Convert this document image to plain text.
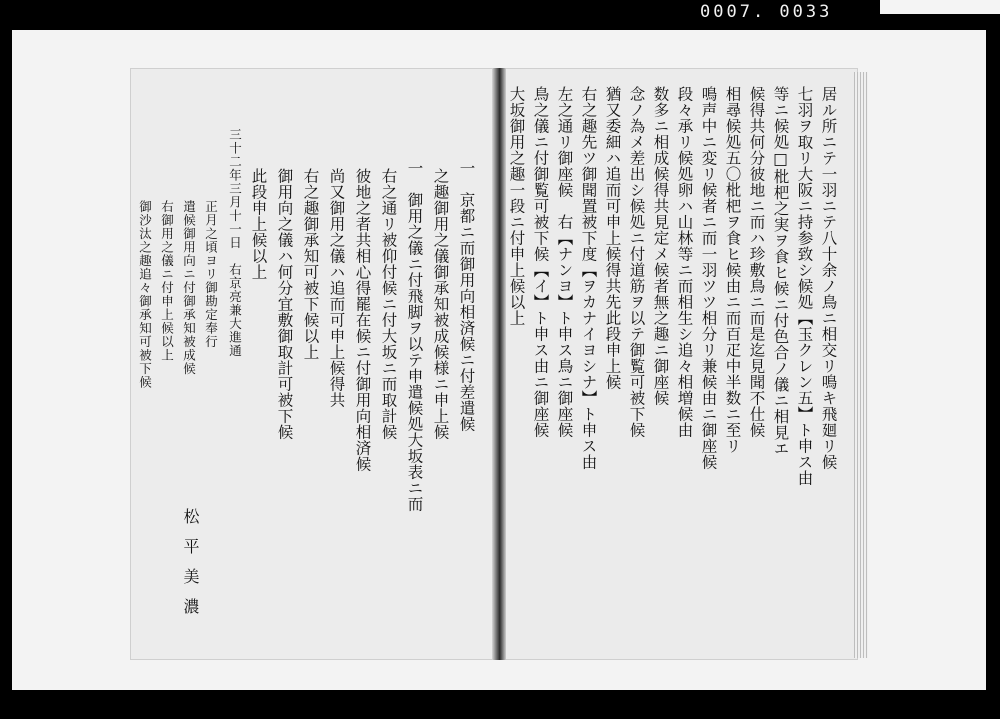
0007. 0033
一　京都ニ而御用向相済候ニ付差遣候
之趣御用之儀御承知被成候様ニ申上候
一　御用之儀ニ付飛脚ヲ以テ申遣候処大坂表ニ而
右之通リ被仰付候ニ付大坂ニ而取計候
彼地之者共相心得罷在候ニ付御用向相済候
尚又御用之儀ハ追而可申上候得共
右之趣御承知可被下候以上
御用向之儀ハ何分宜敷御取計可被下候
此段申上候以上
三十二年三月十一日　右京亮兼大進通
正月之頃ヨリ御勘定奉行
遣候御用向ニ付御承知被成候
右御用之儀ニ付申上候以上
御沙汰之趣追々御承知可被下候
松平美濃
居ル所ニテ一羽ニテ八十余ノ鳥ニ相交リ鳴キ飛廻リ候
七羽ヲ取リ大阪ニ持参致シ候処【玉クレン五】ト申ス由
等ニ候処□枇杷之実ヲ食ヒ候ニ付色合ノ儀ニ相見エ
候得共何分彼地ニ而ハ珍敷鳥ニ而是迄見聞不仕候
相尋候処五〇枇杷ヲ食ヒ候由ニ而百疋中半数ニ至リ
鳴声中ニ変リ候者ニ而一羽ツツ相分リ兼候由ニ御座候
段々承リ候処卵ハ山林等ニ而相生シ追々相増候由
数多ニ相成候得共見定メ候者無之趣ニ御座候
念ノ為メ差出シ候処ニ付道筋ヲ以テ御覧可被下候
猶又委細ハ追而可申上候得共先此段申上候
右之趣先ツ御聞置被下度【ヲカナイヨシナ】ト申ス由
左之通リ御座候　右【ナンヨ】ト申ス鳥ニ御座候
鳥之儀ニ付御覧可被下候【イ】ト申ス由ニ御座候
大坂御用之趣一段ニ付申上候以上
